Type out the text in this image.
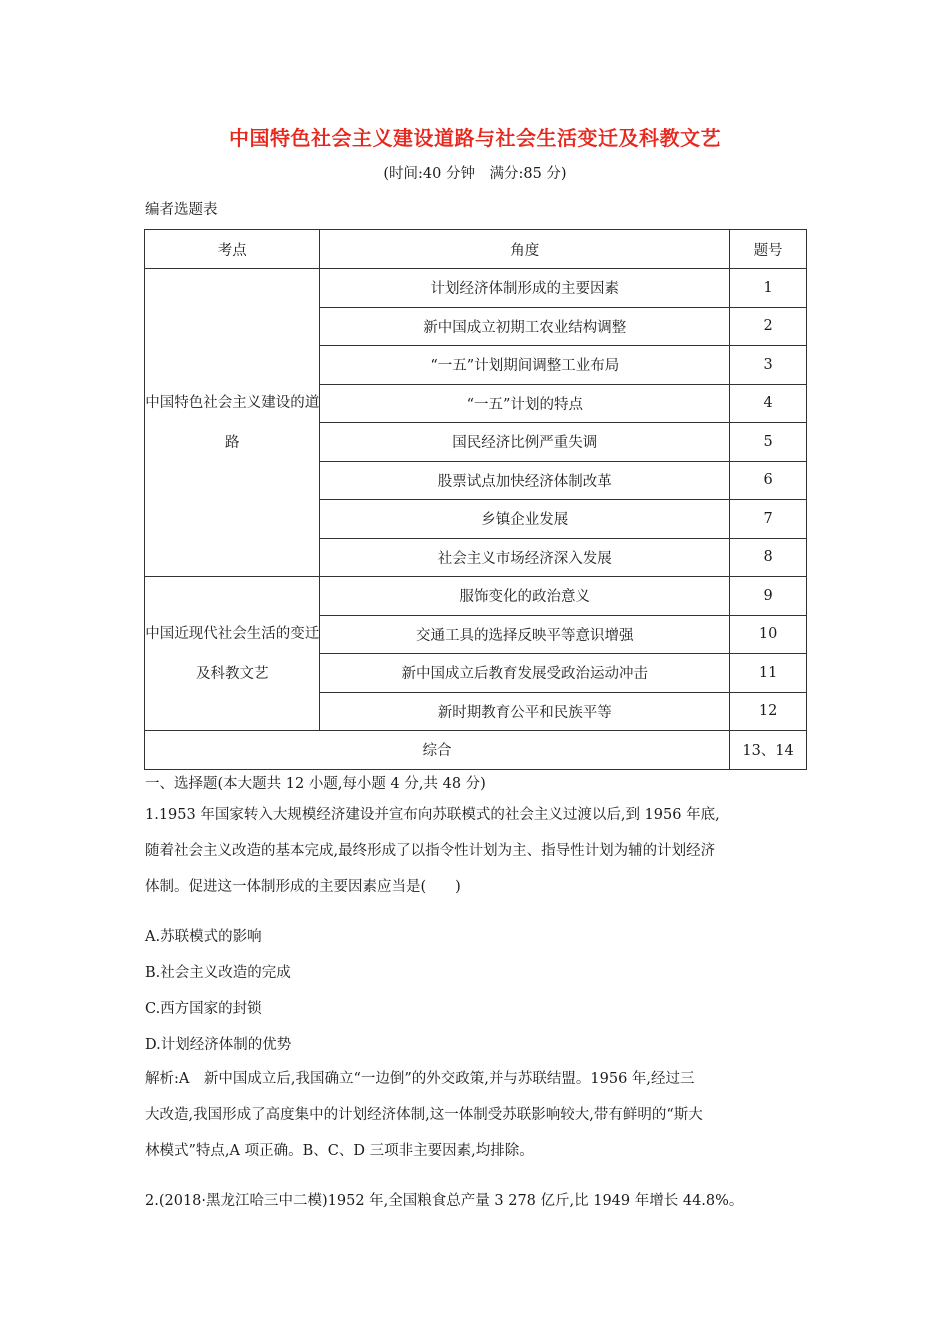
中国特色社会主义建设道路与社会生活变迁及科教文艺
(时间:40 分钟　满分:85 分)
编者选题表
考点	角度	题号
中国特色社会主义建设的道路	计划经济体制形成的主要因素	1
	新中国成立初期工农业结构调整	2
	“一五”计划期间调整工业布局	3
	“一五”计划的特点	4
	国民经济比例严重失调	5
	股票试点加快经济体制改革	6
	乡镇企业发展	7
	社会主义市场经济深入发展	8
中国近现代社会生活的变迁及科教文艺	服饰变化的政治意义	9
	交通工具的选择反映平等意识增强	10
	新中国成立后教育发展受政治运动冲击	11
	新时期教育公平和民族平等	12
综合		13、14
一、选择题(本大题共 12 小题,每小题 4 分,共 48 分)
1.1953 年国家转入大规模经济建设并宣布向苏联模式的社会主义过渡以后,到 1956 年底,
随着社会主义改造的基本完成,最终形成了以指令性计划为主、指导性计划为辅的计划经济
体制。促进这一体制形成的主要因素应当是(　　)
A.苏联模式的影响
B.社会主义改造的完成
C.西方国家的封锁
D.计划经济体制的优势
解析:A　新中国成立后,我国确立“一边倒”的外交政策,并与苏联结盟。1956 年,经过三
大改造,我国形成了高度集中的计划经济体制,这一体制受苏联影响较大,带有鲜明的“斯大
林模式”特点,A 项正确。B、C、D 三项非主要因素,均排除。
2.(2018·黑龙江哈三中二模)1952 年,全国粮食总产量 3 278 亿斤,比 1949 年增长 44.8%。
